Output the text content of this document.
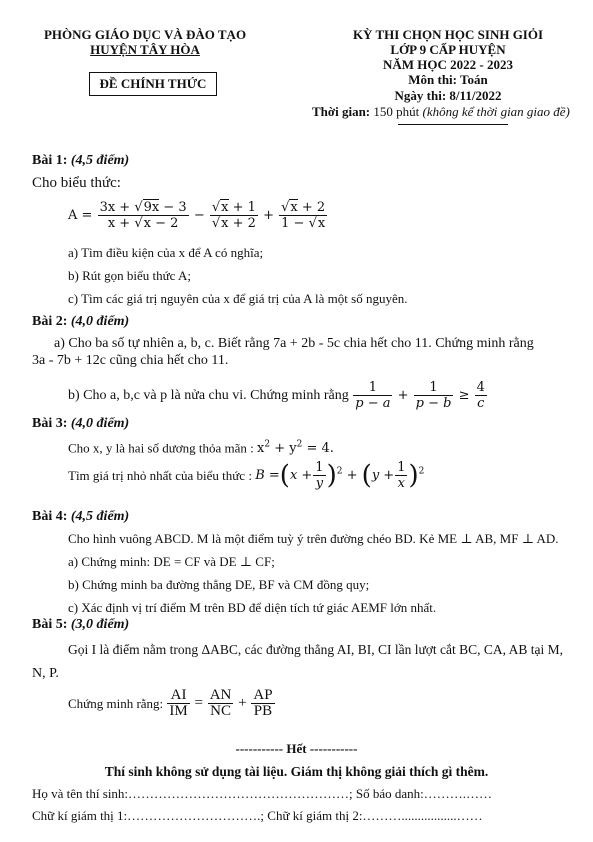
PHÒNG GIÁO DỤC VÀ ĐÀO TẠO
HUYỆN TÂY HÒA
ĐỀ CHÍNH THỨC
KỲ THI CHỌN HỌC SINH GIỎI
LỚP 9 CẤP HUYỆN
NĂM HỌC 2022 - 2023
Môn thi: Toán
Ngày thi: 8/11/2022
Thời gian: 150 phút (không kể thời gian giao đề)
Bài 1: (4,5 điểm)
Cho biểu thức:
$A = \frac{3x + √ 9x - 3}{x + √ x - 2}$ − √ x + 1
√ x + 2 + √ $\frac{x + 2}{1 - √ x}$
a) Tìm điều kiện của x để A có nghĩa;
b) Rút gọn biểu thức A;
c) Tìm các giá trị nguyên của x để giá trị của A là một số nguyên.
Bài 2: (4,0 điểm)
a) Cho ba số tự nhiên a, b, c. Biết rằng 7a + 2b - 5c chia hết cho 11. Chứng minh rằng
3a - 7b + 12c cũng chia hết cho 11.
b) Cho a, b,c và p là nửa chu vi. Chứng minh rằng $\frac{1}{p - a} + \frac{1}{p - b} \ge \frac{4}{c}$
Bài 3: (4,0 điểm)
Cho x, y là hai số dương thỏa mãn : $x^2 + y^2 = 4$.
Tìm giá trị nhỏ nhất của biểu thức : $B =(x + \frac{1}{y} )^2 + (y + \frac{1}{x} )^2$
Bài 4: (4,5 điểm)
Cho hình vuông ABCD. M là một điểm tuỳ ý trên đường chéo BD. Kẻ ME ⊥ AB, MF ⊥ AD.
a) Chứng minh: DE = CF và DE ⊥ CF;
b) Chứng minh ba đường thẳng DE, BF và CM đồng quy;
c) Xác định vị trí điểm M trên BD để diện tích tứ giác AEMF lớn nhất.
Bài 5: (3,0 điểm)
Gọi I là điểm nằm trong ΔABC, các đường thẳng AI, BI, CI lần lượt cắt BC, CA, AB tại M,
N, P.
Chứng minh rằng: $\frac{AI}{IM} = \frac{AN}{NC} + \frac{AP}{PB}$
----------- Hết -----------
Thí sinh không sử dụng tài liệu. Giám thị không giải thích gì thêm.
Họ và tên thí sinh:……………………………………………; Số báo danh:……….……
Chữ kí giám thị 1:………………………….; Chữ kí giám thị 2:……….................……
